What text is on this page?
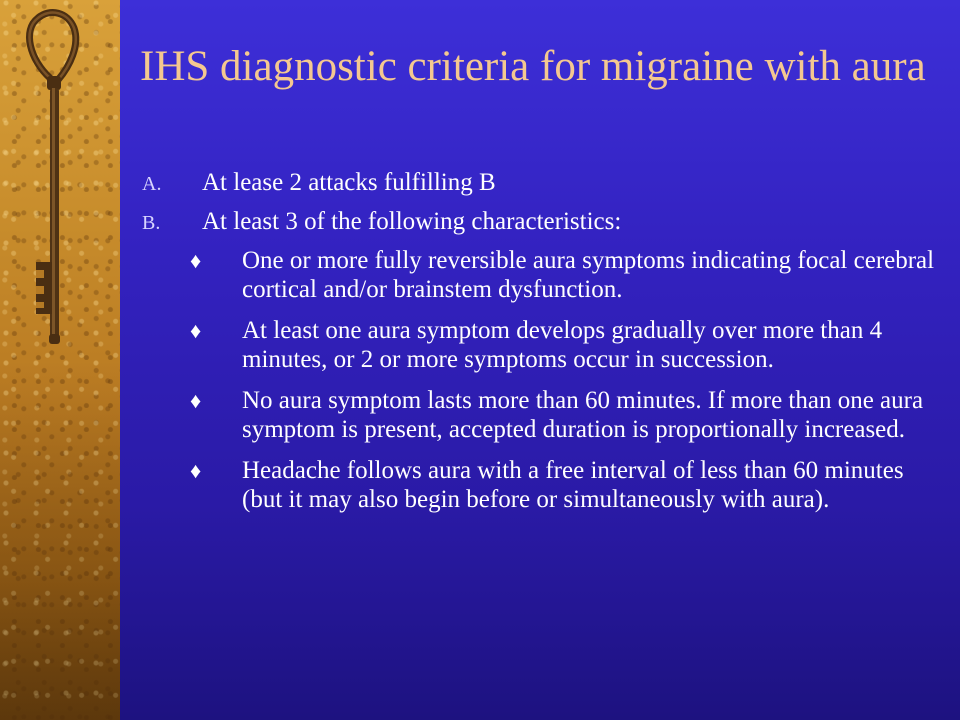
IHS diagnostic criteria for migraine with aura
A. At lease 2 attacks fulfilling B
B. At least 3 of the following characteristics:
♦ One or more fully reversible aura symptoms indicating focal cerebral cortical and/or brainstem dysfunction.
♦ At least one aura symptom develops gradually over more than 4 minutes, or 2 or more symptoms occur in succession.
♦ No aura symptom lasts more than 60 minutes. If more than one aura symptom is present, accepted duration is proportionally increased.
♦ Headache follows aura with a free interval of less than 60 minutes (but it may also begin before or simultaneously with aura).
